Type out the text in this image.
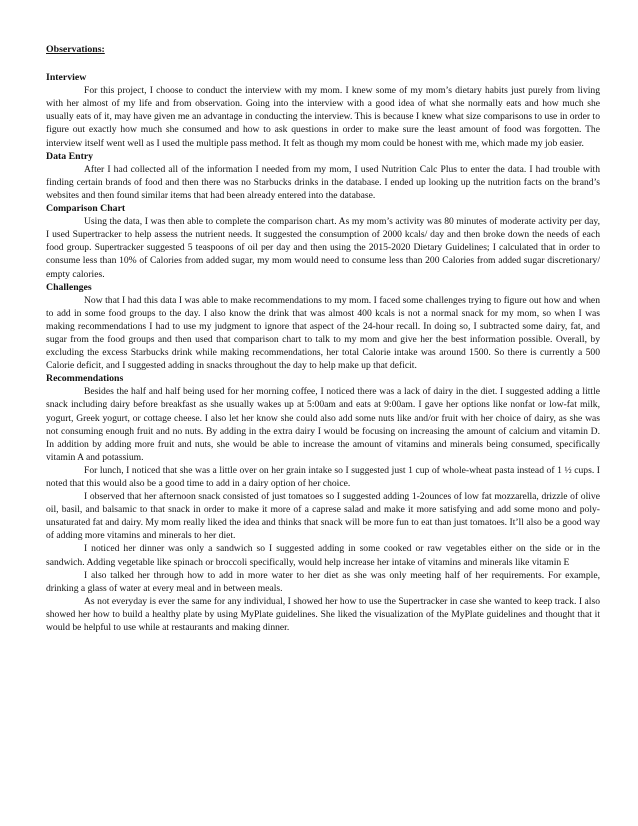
Observations:
Interview

For this project, I choose to conduct the interview with my mom. I knew some of my mom’s dietary habits just purely from living with her almost of my life and from observation. Going into the interview with a good idea of what she normally eats and how much she usually eats of it, may have given me an advantage in conducting the interview. This is because I knew what size comparisons to use in order to figure out exactly how much she consumed and how to ask questions in order to make sure the least amount of food was forgotten. The interview itself went well as I used the multiple pass method. It felt as though my mom could be honest with me, which made my job easier.

Data Entry

After I had collected all of the information I needed from my mom, I used Nutrition Calc Plus to enter the data. I had trouble with finding certain brands of food and then there was no Starbucks drinks in the database. I ended up looking up the nutrition facts on the brand’s websites and then found similar items that had been already entered into the database.

Comparison Chart

Using the data, I was then able to complete the comparison chart. As my mom’s activity was 80 minutes of moderate activity per day, I used Supertracker to help assess the nutrient needs. It suggested the consumption of 2000 kcals/ day and then broke down the needs of each food group. Supertracker suggested 5 teaspoons of oil per day and then using the 2015-2020 Dietary Guidelines; I calculated that in order to consume less than 10% of Calories from added sugar, my mom would need to consume less than 200 Calories from added sugar discretionary/ empty calories.

Challenges

Now that I had this data I was able to make recommendations to my mom. I faced some challenges trying to figure out how and when to add in some food groups to the day. I also know the drink that was almost 400 kcals is not a normal snack for my mom, so when I was making recommendations I had to use my judgment to ignore that aspect of the 24-hour recall. In doing so, I subtracted some dairy, fat, and sugar from the food groups and then used that comparison chart to talk to my mom and give her the best information possible. Overall, by excluding the excess Starbucks drink while making recommendations, her total Calorie intake was around 1500. So there is currently a 500 Calorie deficit, and I suggested adding in snacks throughout the day to help make up that deficit.

Recommendations

Besides the half and half being used for her morning coffee, I noticed there was a lack of dairy in the diet. I suggested adding a little snack including dairy before breakfast as she usually wakes up at 5:00am and eats at 9:00am. I gave her options like nonfat or low-fat milk, yogurt, Greek yogurt, or cottage cheese. I also let her know she could also add some nuts like and/or fruit with her choice of dairy, as she was not consuming enough fruit and no nuts. By adding in the extra dairy I would be focusing on increasing the amount of calcium and vitamin D. In addition by adding more fruit and nuts, she would be able to increase the amount of vitamins and minerals being consumed, specifically vitamin A and potassium.

For lunch, I noticed that she was a little over on her grain intake so I suggested just 1 cup of whole-wheat pasta instead of 1 ½ cups. I noted that this would also be a good time to add in a dairy option of her choice.

I observed that her afternoon snack consisted of just tomatoes so I suggested adding 1-2ounces of low fat mozzarella, drizzle of olive oil, basil, and balsamic to that snack in order to make it more of a caprese salad and make it more satisfying and add some mono and poly-unsaturated fat and dairy. My mom really liked the idea and thinks that snack will be more fun to eat than just tomatoes. It’ll also be a good way of adding more vitamins and minerals to her diet.

I noticed her dinner was only a sandwich so I suggested adding in some cooked or raw vegetables either on the side or in the sandwich. Adding vegetable like spinach or broccoli specifically, would help increase her intake of vitamins and minerals like vitamin E

I also talked her through how to add in more water to her diet as she was only meeting half of her requirements. For example, drinking a glass of water at every meal and in between meals.

As not everyday is ever the same for any individual, I showed her how to use the Supertracker in case she wanted to keep track. I also showed her how to build a healthy plate by using MyPlate guidelines. She liked the visualization of the MyPlate guidelines and thought that it would be helpful to use while at restaurants and making dinner.
